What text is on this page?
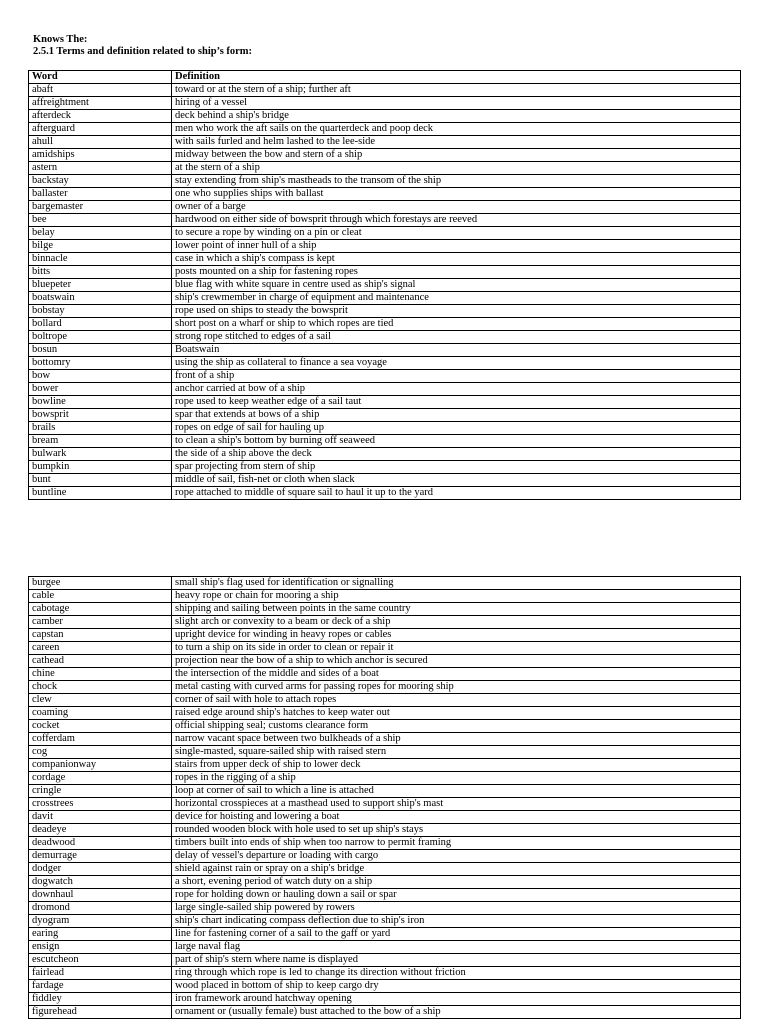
Knows The:
2.5.1 Terms and definition related to ship’s form:
Word	Definition
abaft	toward or at the stern of a ship; further aft
affreightment	hiring of a vessel
afterdeck	deck behind a ship's bridge
afterguard	men who work the aft sails on the quarterdeck and poop deck
ahull	with sails furled and helm lashed to the lee-side
amidships	midway between the bow and stern of a ship
astern	at the stern of a ship
backstay	stay extending from ship's mastheads to the transom of the ship
ballaster	one who supplies ships with ballast
bargemaster	owner of a barge
bee	hardwood on either side of bowsprit through which forestays are reeved
belay	to secure a rope by winding on a pin or cleat
bilge	lower point of inner hull of a ship
binnacle	case in which a ship's compass is kept
bitts	posts mounted on a ship for fastening ropes
bluepeter	blue flag with white square in centre used as ship's signal
boatswain	ship's crewmember in charge of equipment and maintenance
bobstay	rope used on ships to steady the bowsprit
bollard	short post on a wharf or ship to which ropes are tied
boltrope	strong rope stitched to edges of a sail
bosun	Boatswain
bottomry	using the ship as collateral to finance a sea voyage
bow	front of a ship
bower	anchor carried at bow of a ship
bowline	rope used to keep weather edge of a sail taut
bowsprit	spar that extends at bows of a ship
brails	ropes on edge of sail for hauling up
bream	to clean a ship's bottom by burning off seaweed
bulwark	the side of a ship above the deck
bumpkin	spar projecting from stern of ship
bunt	middle of sail, fish-net or cloth when slack
buntline	rope attached to middle of square sail to haul it up to the yard
burgee	small ship's flag used for identification or signalling
cable	heavy rope or chain for mooring a ship
cabotage	shipping and sailing between points in the same country
camber	slight arch or convexity to a beam or deck of a ship
capstan	upright device for winding in heavy ropes or cables
careen	to turn a ship on its side in order to clean or repair it
cathead	projection near the bow of a ship to which anchor is secured
chine	the intersection of the middle and sides of a boat
chock	metal casting with curved arms for passing ropes for mooring ship
clew	corner of sail with hole to attach ropes
coaming	raised edge around ship's hatches to keep water out
cocket	official shipping seal; customs clearance form
cofferdam	narrow vacant space between two bulkheads of a ship
cog	single-masted, square-sailed ship with raised stern
companionway	stairs from upper deck of ship to lower deck
cordage	ropes in the rigging of a ship
cringle	loop at corner of sail to which a line is attached
crosstrees	horizontal crosspieces at a masthead used to support ship's mast
davit	device for hoisting and lowering a boat
deadeye	rounded wooden block with hole used to set up ship's stays
deadwood	timbers built into ends of ship when too narrow to permit framing
demurrage	delay of vessel's departure or loading with cargo
dodger	shield against rain or spray on a ship's bridge
dogwatch	a short, evening period of watch duty on a ship
downhaul	rope for holding down or hauling down a sail or spar
dromond	large single-sailed ship powered by rowers
dyogram	ship's chart indicating compass deflection due to ship's iron
earing	line for fastening corner of a sail to the gaff or yard
ensign	large naval flag
escutcheon	part of ship's stern where name is displayed
fairlead	ring through which rope is led to change its direction without friction
fardage	wood placed in bottom of ship to keep cargo dry
fiddley	iron framework around hatchway opening
figurehead	ornament or (usually female) bust attached to the bow of a ship
